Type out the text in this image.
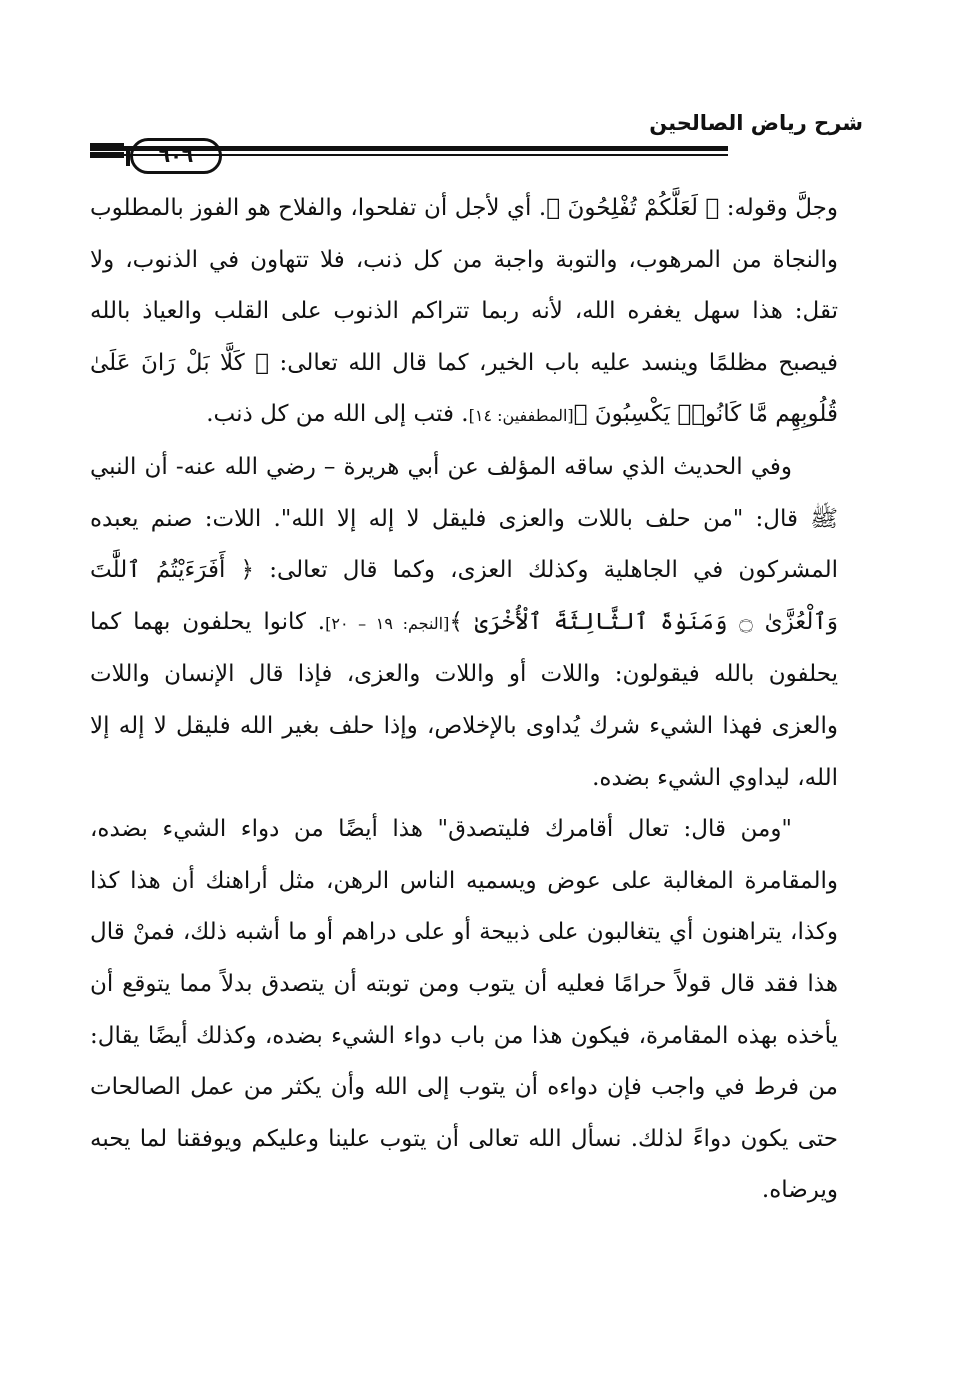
شرح رياض الصالحين
٦٠٦

وجلَّ وقوله: ﴿ لَعَلَّكُمْ تُفْلِحُونَ ﴾. أي لأجل أن تفلحوا، والفلاح هو الفوز بالمطلوب والنجاة من المرهوب، والتوبة واجبة من كل ذنب، فلا تتهاون في الذنوب، ولا تقل: هذا سهل يغفره الله، لأنه ربما تتراكم الذنوب على القلب والعياذ بالله فيصبح مظلمًا وينسد عليه باب الخير، كما قال الله تعالى: ﴿ كَلَّا بَلْ رَانَ عَلَىٰ قُلُوبِهِم مَّا كَانُوا۟ يَكْسِبُونَ ﴾[المطففين: ١٤]. فتب إلى الله من كل ذنب.

وفي الحديث الذي ساقه المؤلف عن أبي هريرة – رضي الله عنه- أن النبي ﷺ قال: "من حلف باللات والعزى فليقل لا إله إلا الله". اللات: صنم يعبده المشركون في الجاهلية وكذلك العزى، وكما قال تعالى: ﴿ أَفَرَءَيْتُمُ ٱللَّٰتَ وَٱلْعُزَّىٰ ۝ وَمَنَوٰةَ ٱلثَّالِثَةَ ٱلْأُخْرَىٰ ﴾[النجم: ١٩ – ٢٠]. كانوا يحلفون بهما كما يحلفون بالله فيقولون: واللات أو واللات والعزى، فإذا قال الإنسان واللات والعزى فهذا الشيء شرك يُداوى بالإخلاص، وإذا حلف بغير الله فليقل لا إله إلا الله، ليداوي الشيء بضده.

"ومن قال: تعال أقامرك فليتصدق" هذا أيضًا من دواء الشيء بضده، والمقامرة المغالبة على عوض ويسميه الناس الرهن، مثل أراهنك أن هذا كذا وكذا، يتراهنون أي يتغالبون على ذبيحة أو على دراهم أو ما أشبه ذلك، فمنْ قال هذا فقد قال قولاً حرامًا فعليه أن يتوب ومن توبته أن يتصدق بدلاً مما يتوقع أن يأخذه بهذه المقامرة، فيكون هذا من باب دواء الشيء بضده، وكذلك أيضًا يقال: من فرط في واجب فإن دواءه أن يتوب إلى الله وأن يكثر من عمل الصالحات حتى يكون دواءً لذلك. نسأل الله تعالى أن يتوب علينا وعليكم ويوفقنا لما يحبه ويرضاه.
